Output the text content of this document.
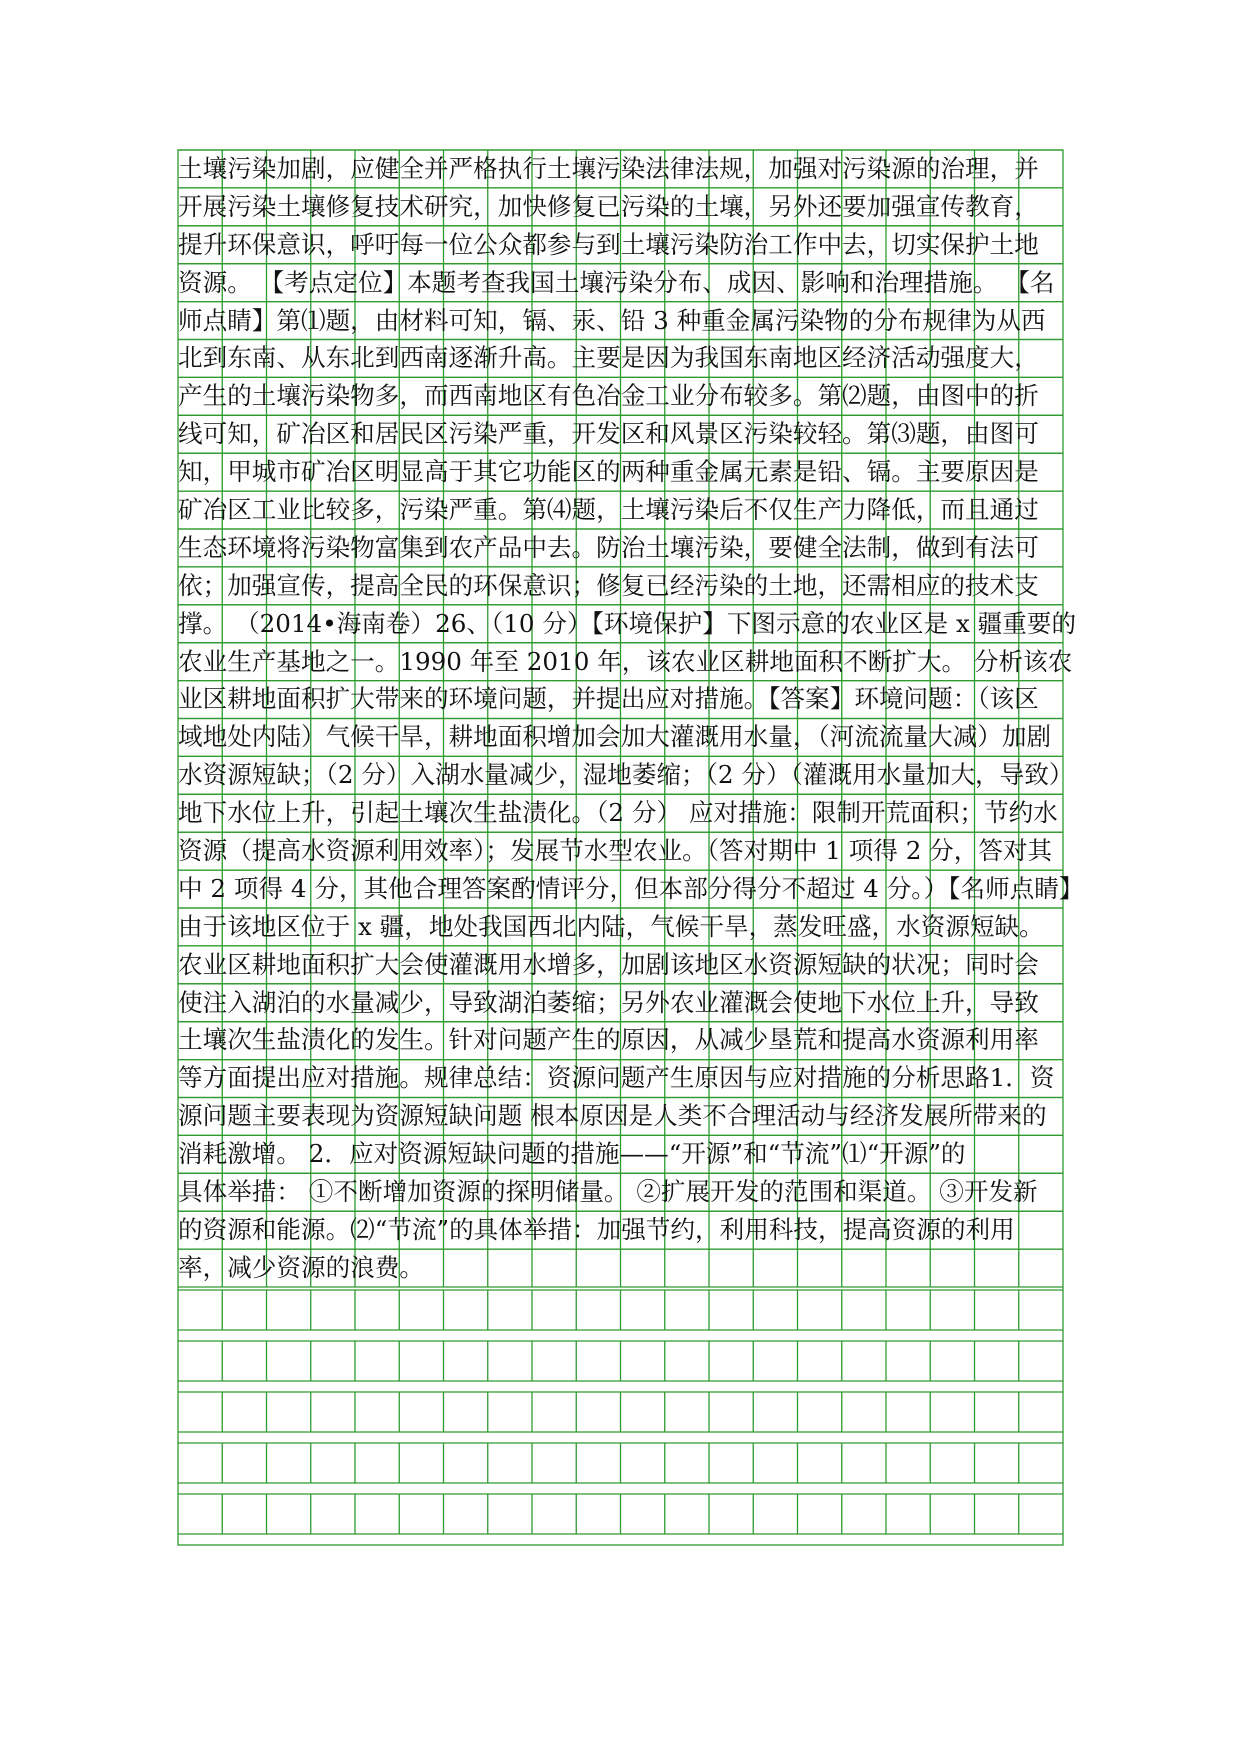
土壤污染加剧，应健全并严格执行土壤污染法律法规，加强对污染源的治理，并
开展污染土壤修复技术研究，加快修复已污染的土壤，另外还要加强宣传教育，
提升环保意识，呼吁每一位公众都参与到土壤污染防治工作中去，切实保护土地
资源。 【考点定位】本题考查我国土壤污染分布、成因、影响和治理措施。 【名
师点睛】第⑴题，由材料可知，镉、汞、铅 3 种重金属污染物的分布规律为从西
北到东南、从东北到西南逐渐升高。主要是因为我国东南地区经济活动强度大，
产生的土壤污染物多，而西南地区有色冶金工业分布较多。第⑵题，由图中的折
线可知，矿冶区和居民区污染严重，开发区和风景区污染较轻。第⑶题，由图可
知，甲城市矿冶区明显高于其它功能区的两种重金属元素是铅、镉。主要原因是
矿冶区工业比较多，污染严重。第⑷题，土壤污染后不仅生产力降低，而且通过
生态环境将污染物富集到农产品中去。防治土壤污染，要健全法制，做到有法可
依；加强宣传，提高全民的环保意识；修复已经污染的土地，还需相应的技术支
撑。 （2014•海南卷）26、（10 分）【环境保护】下图示意的农业区是 x 疆重要的
农业生产基地之一。1990 年至 2010 年，该农业区耕地面积不断扩大。 分析该农
业区耕地面积扩大带来的环境问题，并提出应对措施。【答案】环境问题：（该区
域地处内陆）气候干旱，耕地面积增加会加大灌溉用水量，（河流流量大减）加剧
水资源短缺；（2 分）入湖水量减少，湿地萎缩；（2 分）（灌溉用水量加大，导致）
地下水位上升，引起土壤次生盐渍化。（2 分） 应对措施：限制开荒面积；节约水
资源（提高水资源利用效率）；发展节水型农业。（答对期中 1 项得 2 分，答对其
中 2 项得 4 分，其他合理答案酌情评分，但本部分得分不超过 4 分。）【名师点睛】
由于该地区位于 x 疆，地处我国西北内陆，气候干旱，蒸发旺盛，水资源短缺。
农业区耕地面积扩大会使灌溉用水增多，加剧该地区水资源短缺的状况；同时会
使注入湖泊的水量减少，导致湖泊萎缩；另外农业灌溉会使地下水位上升，导致
土壤次生盐渍化的发生。针对问题产生的原因，从减少垦荒和提高水资源利用率
等方面提出应对措施。规律总结：资源问题产生原因与应对措施的分析思路1．资
源问题主要表现为资源短缺问题 根本原因是人类不合理活动与经济发展所带来的
消耗激增。 2．应对资源短缺问题的措施——“开源”和“节流”⑴“开源”的
具体举措： ①不断增加资源的探明储量。 ②扩展开发的范围和渠道。 ③开发新
的资源和能源。⑵“节流”的具体举措：加强节约，利用科技，提高资源的利用
率，减少资源的浪费。
